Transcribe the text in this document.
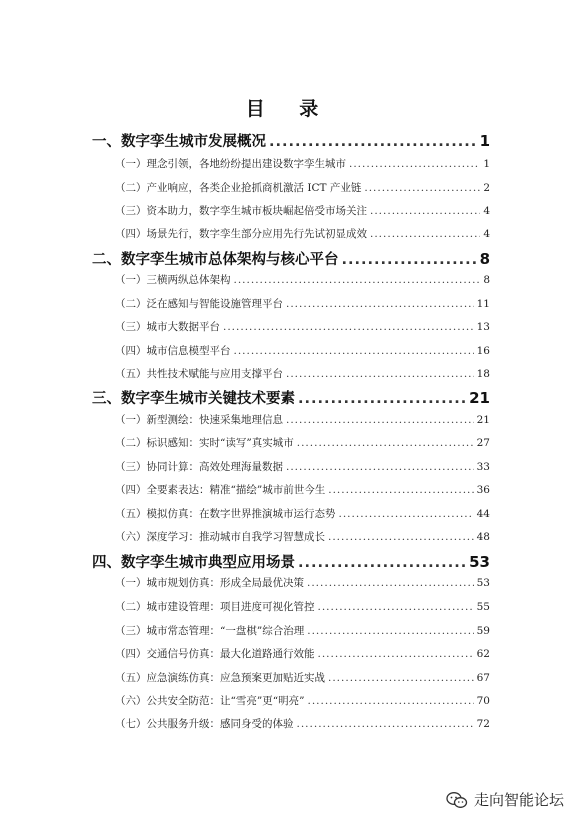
目 录
一、 数字孪生城市发展概况 .....	1
（一） 理念引领，各地纷纷提出建设数字孪生城市 .....	1
（二） 产业响应，各类企业抢抓商机激活 ICT 产业链 .....	2
（三） 资本助力，数字孪生城市板块崛起倍受市场关注 .....	4
（四） 场景先行，数字孪生部分应用先行先试初显成效 .....	4
二、 数字孪生城市总体架构与核心平台 .....	8
（一） 三横两纵总体架构 .....	8
（二） 泛在感知与智能设施管理平台 .....	11
（三） 城市大数据平台 .....	13
（四） 城市信息模型平台 .....	16
（五） 共性技术赋能与应用支撑平台 .....	18
三、 数字孪生城市关键技术要素 .....	21
（一） 新型测绘：快速采集地理信息 .....	21
（二） 标识感知：实时“读写”真实城市 .....	27
（三） 协同计算：高效处理海量数据 .....	33
（四） 全要素表达：精准“描绘”城市前世今生 .....	36
（五） 模拟仿真：在数字世界推演城市运行态势 .....	44
（六） 深度学习：推动城市自我学习智慧成长 .....	48
四、 数字孪生城市典型应用场景 .....	53
（一） 城市规划仿真：形成全局最优决策 .....	53
（二） 城市建设管理：项目进度可视化管控 .....	55
（三） 城市常态管理：“一盘棋”综合治理 .....	59
（四） 交通信号仿真：最大化道路通行效能 .....	62
（五） 应急演练仿真：应急预案更加贴近实战 .....	67
（六） 公共安全防范：让“雪亮”更“明亮” .....	70
（七） 公共服务升级：感同身受的体验 .....	72
走向智能论坛
